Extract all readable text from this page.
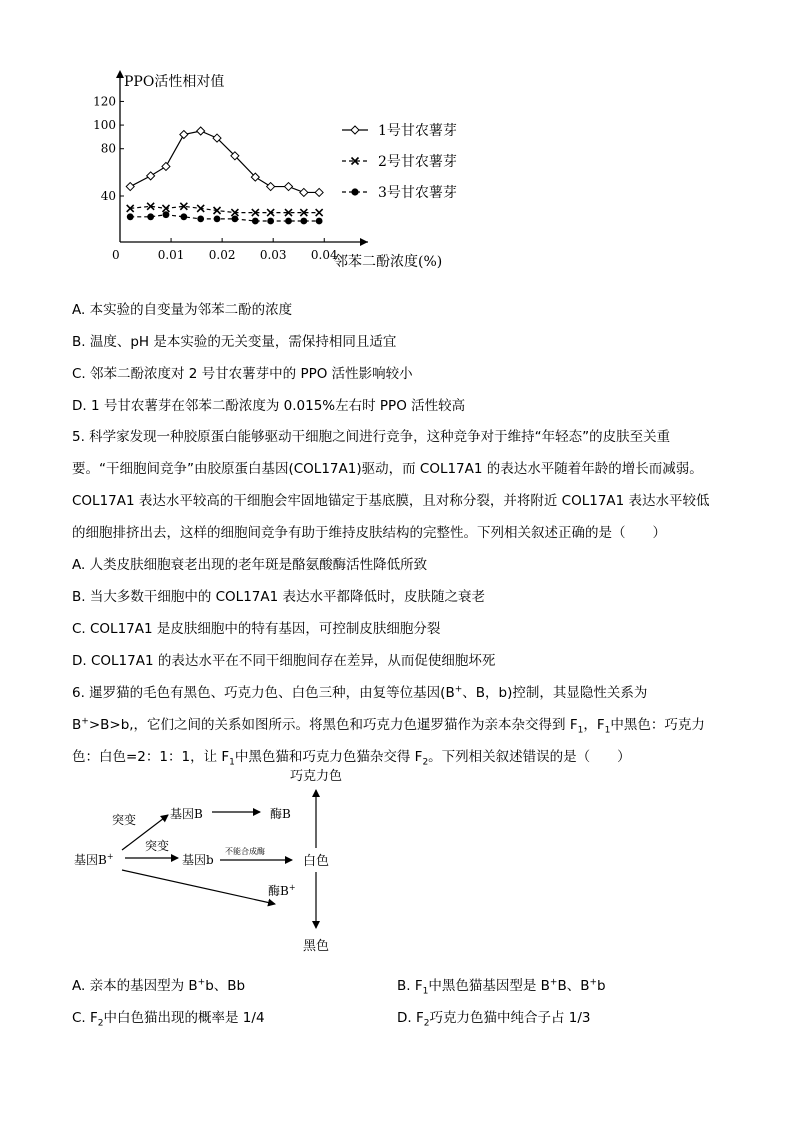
PPO活性相对值
120
100
80
40
0	0.01 0.02 0.03 0.04
邻苯二酚浓度(%)
1号甘农薯芽
2号甘农薯芽
3号甘农薯芽
A. 本实验的自变量为邻苯二酚的浓度
B. 温度、pH 是本实验的无关变量，需保持相同且适宜
C. 邻苯二酚浓度对 2 号甘农薯芽中的 PPO 活性影响较小
D. 1 号甘农薯芽在邻苯二酚浓度为 0.015%左右时 PPO 活性较高
5. 科学家发现一种胶原蛋白能够驱动干细胞之间进行竞争，这种竞争对于维持“年轻态”的皮肤至关重
要。“干细胞间竞争”由胶原蛋白基因(COL17A1)驱动，而 COL17A1 的表达水平随着年龄的增长而减弱。
COL17A1 表达水平较高的干细胞会牢固地锚定于基底膜，且对称分裂，并将附近 COL17A1 表达水平较低
的细胞排挤出去，这样的细胞间竞争有助于维持皮肤结构的完整性。下列相关叙述正确的是（　　）
A. 人类皮肤细胞衰老出现的老年斑是酪氨酸酶活性降低所致
B. 当大多数干细胞中的 COL17A1 表达水平都降低时，皮肤随之衰老
C. COL17A1 是皮肤细胞中的特有基因，可控制皮肤细胞分裂
D. COL17A1 的表达水平在不同干细胞间存在差异，从而促使细胞坏死
6. 暹罗猫的毛色有黑色、巧克力色、白色三种，由复等位基因(B+、B，b)控制，其显隐性关系为
B+>B>b,，它们之间的关系如图所示。将黑色和巧克力色暹罗猫作为亲本杂交得到 $F_1$，$F_1$中黑色：巧克力
色：白色=2：1：1，让 $F_1$中黑色猫和巧克力色猫杂交得 $F_2$。下列相关叙述错误的是（　　）
巧克力色
白色
黑色
基因B	酶B
突变
突变
基因B+	基因b
不能合成酶
酶B+
A. 亲本的基因型为 B+b、Bb	B. $F_1$中黑色猫基因型是 B+B、B+b
C. $F_2$中白色猫出现的概率是 1/4	D. $F_2$巧克力色猫中纯合子占 1/3
